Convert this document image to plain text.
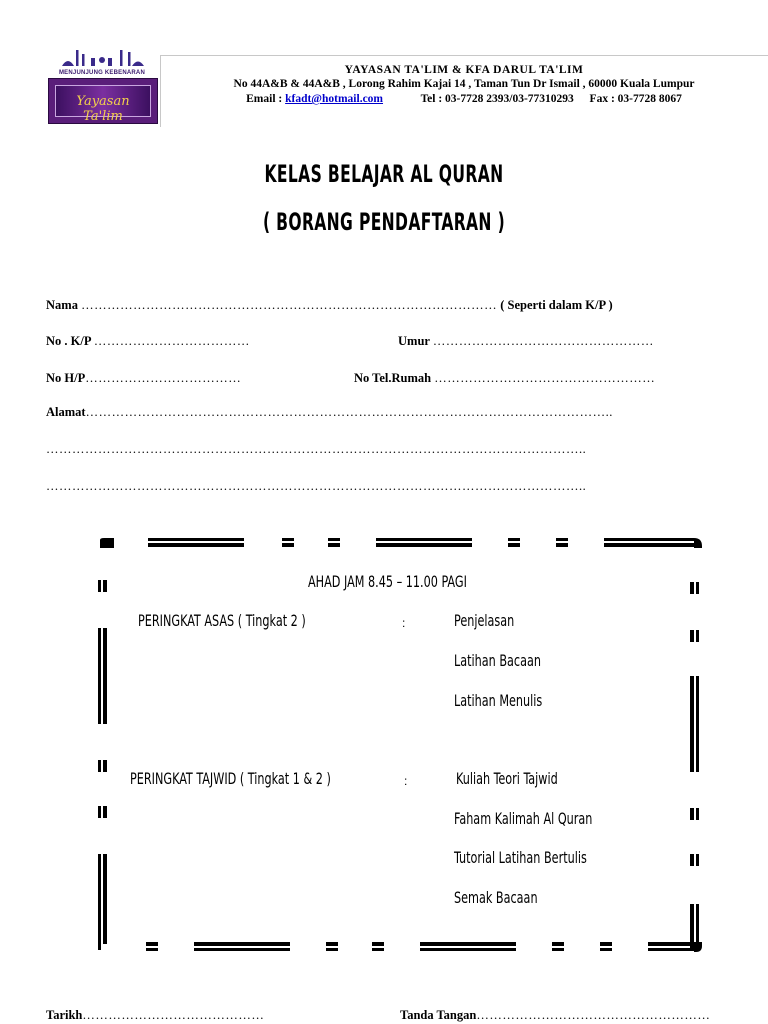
MENJUNJUNG KEBENARAN
Yayasan Ta'lim
YAYASAN TA'LIM & KFA DARUL TA'LIM
No 44A&B & 44A&B , Lorong Rahim Kajai 14 , Taman Tun Dr Ismail , 60000 Kuala Lumpur
Email : kfadt@hotmail.com	Tel : 03-7728 2393/03-77310293 Fax : 03-7728 8067
KELAS BELAJAR AL QURAN
( BORANG PENDAFTARAN )
Nama …………………………………………………………………………………… ( Seperti dalam K/P )
No . K/P ………………………………	Umur ……………………………………………
No H/P………………………………	No Tel.Rumah ……………………………………………
Alamat…………………………………………………………………………………………………………..
……………………………………………………………………………………………………………..
……………………………………………………………………………………………………………..
AHAD JAM 8.45 – 11.00 PAGI
PERINGKAT ASAS ( Tingkat 2 )	:	Penjelasan
Latihan Bacaan
Latihan Menulis
PERINGKAT TAJWID ( Tingkat 1 & 2 )	:	Kuliah Teori Tajwid
Faham Kalimah Al Quran
Tutorial Latihan Bertulis
Semak Bacaan
Tarikh……………………………………	Tanda Tangan………………………………………………
